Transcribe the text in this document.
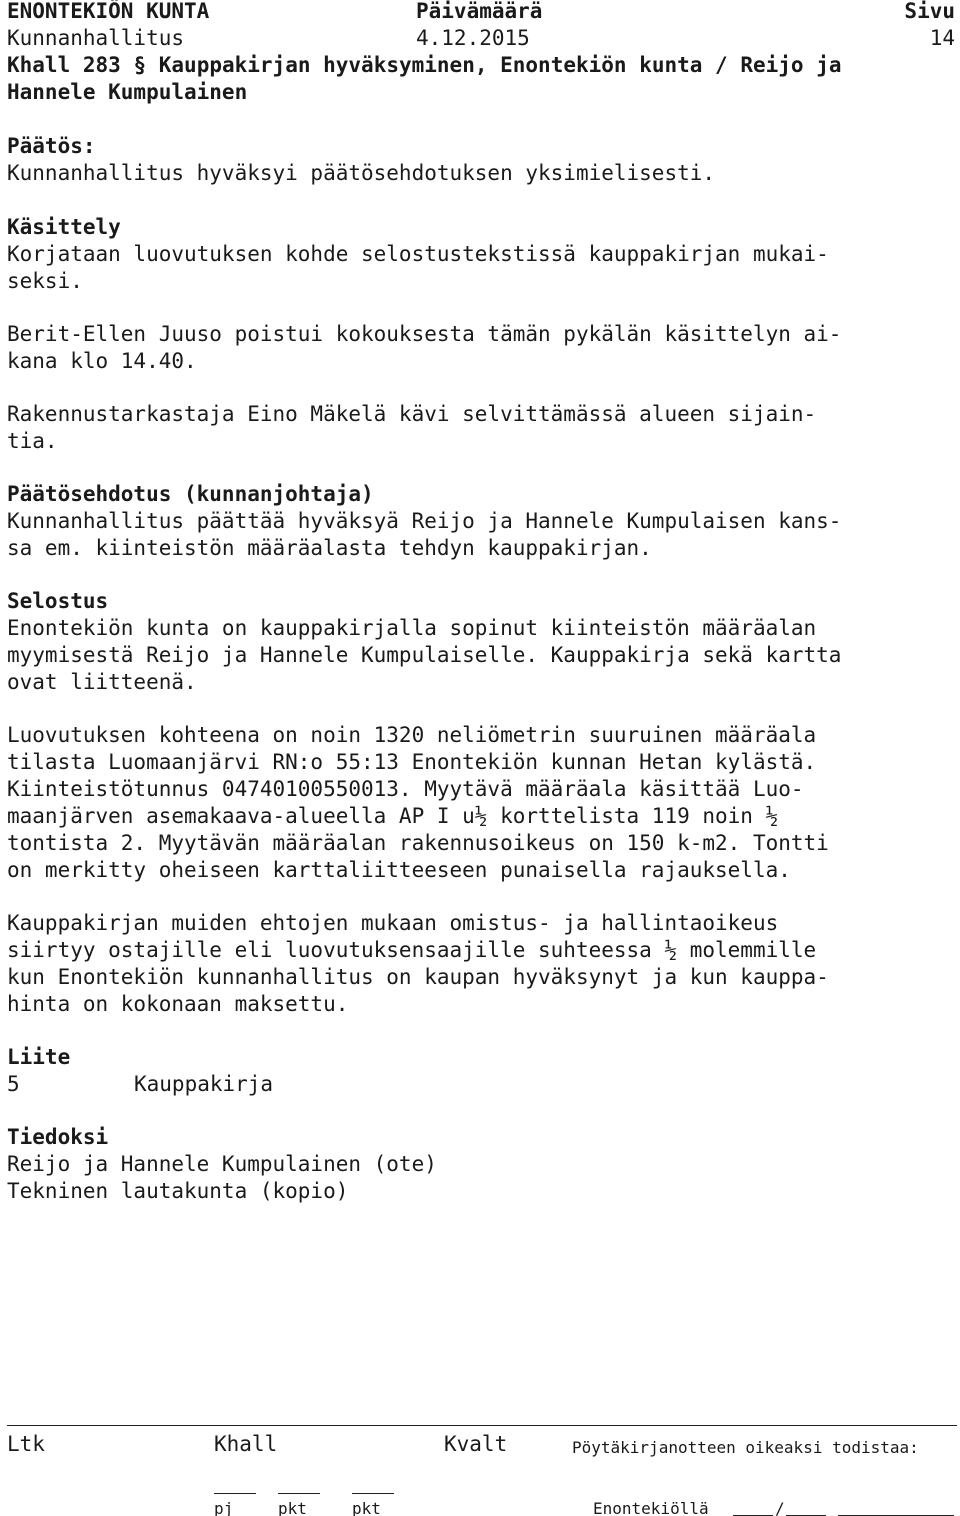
ENONTEKIÖN KUNTA	Päivämäärä	Sivu
Kunnanhallitus	4.12.2015	14
Khall 283 § Kauppakirjan hyväksyminen, Enontekiön kunta / Reijo ja
Hannele Kumpulainen
Päätös:
Kunnanhallitus hyväksyi päätösehdotuksen yksimielisesti.
Käsittely
Korjataan luovutuksen kohde selostustekstissä kauppakirjan mukai-
seksi.
Berit-Ellen Juuso poistui kokouksesta tämän pykälän käsittelyn ai-
kana klo 14.40.
Rakennustarkastaja Eino Mäkelä kävi selvittämässä alueen sijain-
tia.
Päätösehdotus (kunnanjohtaja)
Kunnanhallitus päättää hyväksyä Reijo ja Hannele Kumpulaisen kans-
sa em. kiinteistön määräalasta tehdyn kauppakirjan.
Selostus
Enontekiön kunta on kauppakirjalla sopinut kiinteistön määräalan
myymisestä Reijo ja Hannele Kumpulaiselle. Kauppakirja sekä kartta
ovat liitteenä.
Luovutuksen kohteena on noin 1320 neliömetrin suuruinen määräala
tilasta Luomaanjärvi RN:o 55:13 Enontekiön kunnan Hetan kylästä.
Kiinteistötunnus 04740100550013. Myytävä määräala käsittää Luo-
maanjärven asemakaava-alueella AP I u½ korttelista 119 noin ½
tontista 2. Myytävän määräalan rakennusoikeus on 150 k-m2. Tontti
on merkitty oheiseen karttaliitteeseen punaisella rajauksella.
Kauppakirjan muiden ehtojen mukaan omistus- ja hallintaoikeus
siirtyy ostajille eli luovutuksensaajille suhteessa ½ molemmille
kun Enontekiön kunnanhallitus on kaupan hyväksynyt ja kun kauppa-
hinta on kokonaan maksettu.
Liite
5	Kauppakirja
Tiedoksi
Reijo ja Hannele Kumpulainen (ote)
Tekninen lautakunta (kopio)
Ltk	Khall	Kvalt	Pöytäkirjanotteen oikeaksi todistaa:
pj	pkt	pkt	Enontekiöllä	/
